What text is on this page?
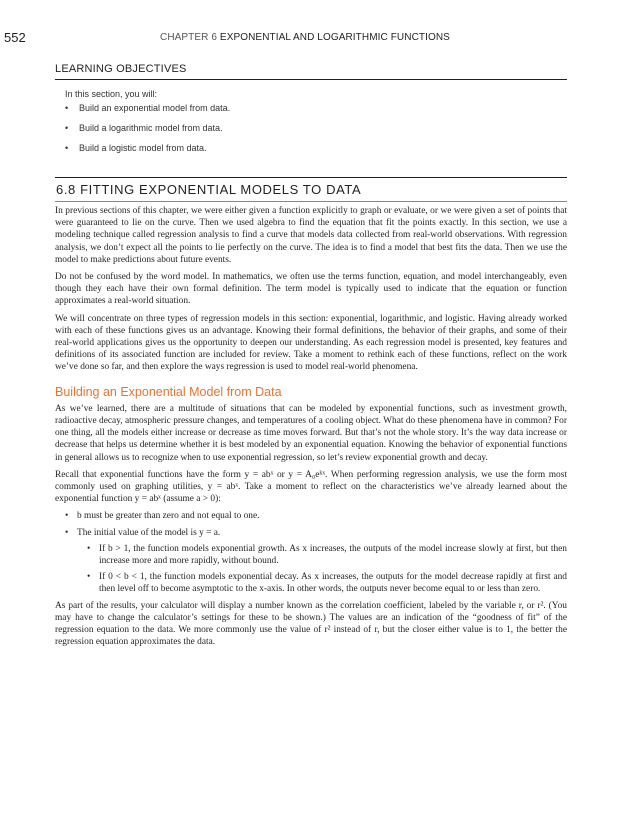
552	CHAPTER 6 EXPONENTIAL AND LOGARITHMIC FUNCTIONS
LEARNING OBJECTIVES
In this section, you will:
• Build an exponential model from data.
• Build a logarithmic model from data.
• Build a logistic model from data.
6.8 FITTING EXPONENTIAL MODELS TO DATA

In previous sections of this chapter, we were either given a function explicitly to graph or evaluate, or we were given a set of points that were guaranteed to lie on the curve. Then we used algebra to find the equation that fit the points exactly. In this section, we use a modeling technique called regression analysis to find a curve that models data collected from real-world observations. With regression analysis, we don’t expect all the points to lie perfectly on the curve. The idea is to find a model that best fits the data. Then we use the model to make predictions about future events.

Do not be confused by the word model. In mathematics, we often use the terms function, equation, and model interchangeably, even though they each have their own formal definition. The term model is typically used to indicate that the equation or function approximates a real-world situation.

We will concentrate on three types of regression models in this section: exponential, logarithmic, and logistic. Having already worked with each of these functions gives us an advantage. Knowing their formal definitions, the behavior of their graphs, and some of their real-world applications gives us the opportunity to deepen our understanding. As each regression model is presented, key features and definitions of its associated function are included for review. Take a moment to rethink each of these functions, reflect on the work we’ve done so far, and then explore the ways regression is used to model real-world phenomena.

Building an Exponential Model from Data

As we’ve learned, there are a multitude of situations that can be modeled by exponential functions, such as investment growth, radioactive decay, atmospheric pressure changes, and temperatures of a cooling object. What do these phenomena have in common? For one thing, all the models either increase or decrease as time moves forward. But that’s not the whole story. It’s the way data increase or decrease that helps us determine whether it is best modeled by an exponential equation. Knowing the behavior of exponential functions in general allows us to recognize when to use exponential regression, so let’s review exponential growth and decay.

Recall that exponential functions have the form y = abˣ or y = A₀eᵏˣ. When performing regression analysis, we use the form most commonly used on graphing utilities, y = abˣ. Take a moment to reflect on the characteristics we’ve already learned about the exponential function y = abˣ (assume a > 0):

• b must be greater than zero and not equal to one.
• The initial value of the model is y = a.
• If b > 1, the function models exponential growth. As x increases, the outputs of the model increase slowly at first, but then increase more and more rapidly, without bound.
• If 0 < b < 1, the function models exponential decay. As x increases, the outputs for the model decrease rapidly at first and then level off to become asymptotic to the x-axis. In other words, the outputs never become equal to or less than zero.

As part of the results, your calculator will display a number known as the correlation coefficient, labeled by the variable r, or r². (You may have to change the calculator’s settings for these to be shown.) The values are an indication of the “goodness of fit” of the regression equation to the data. We more commonly use the value of r² instead of r, but the closer either value is to 1, the better the regression equation approximates the data.
